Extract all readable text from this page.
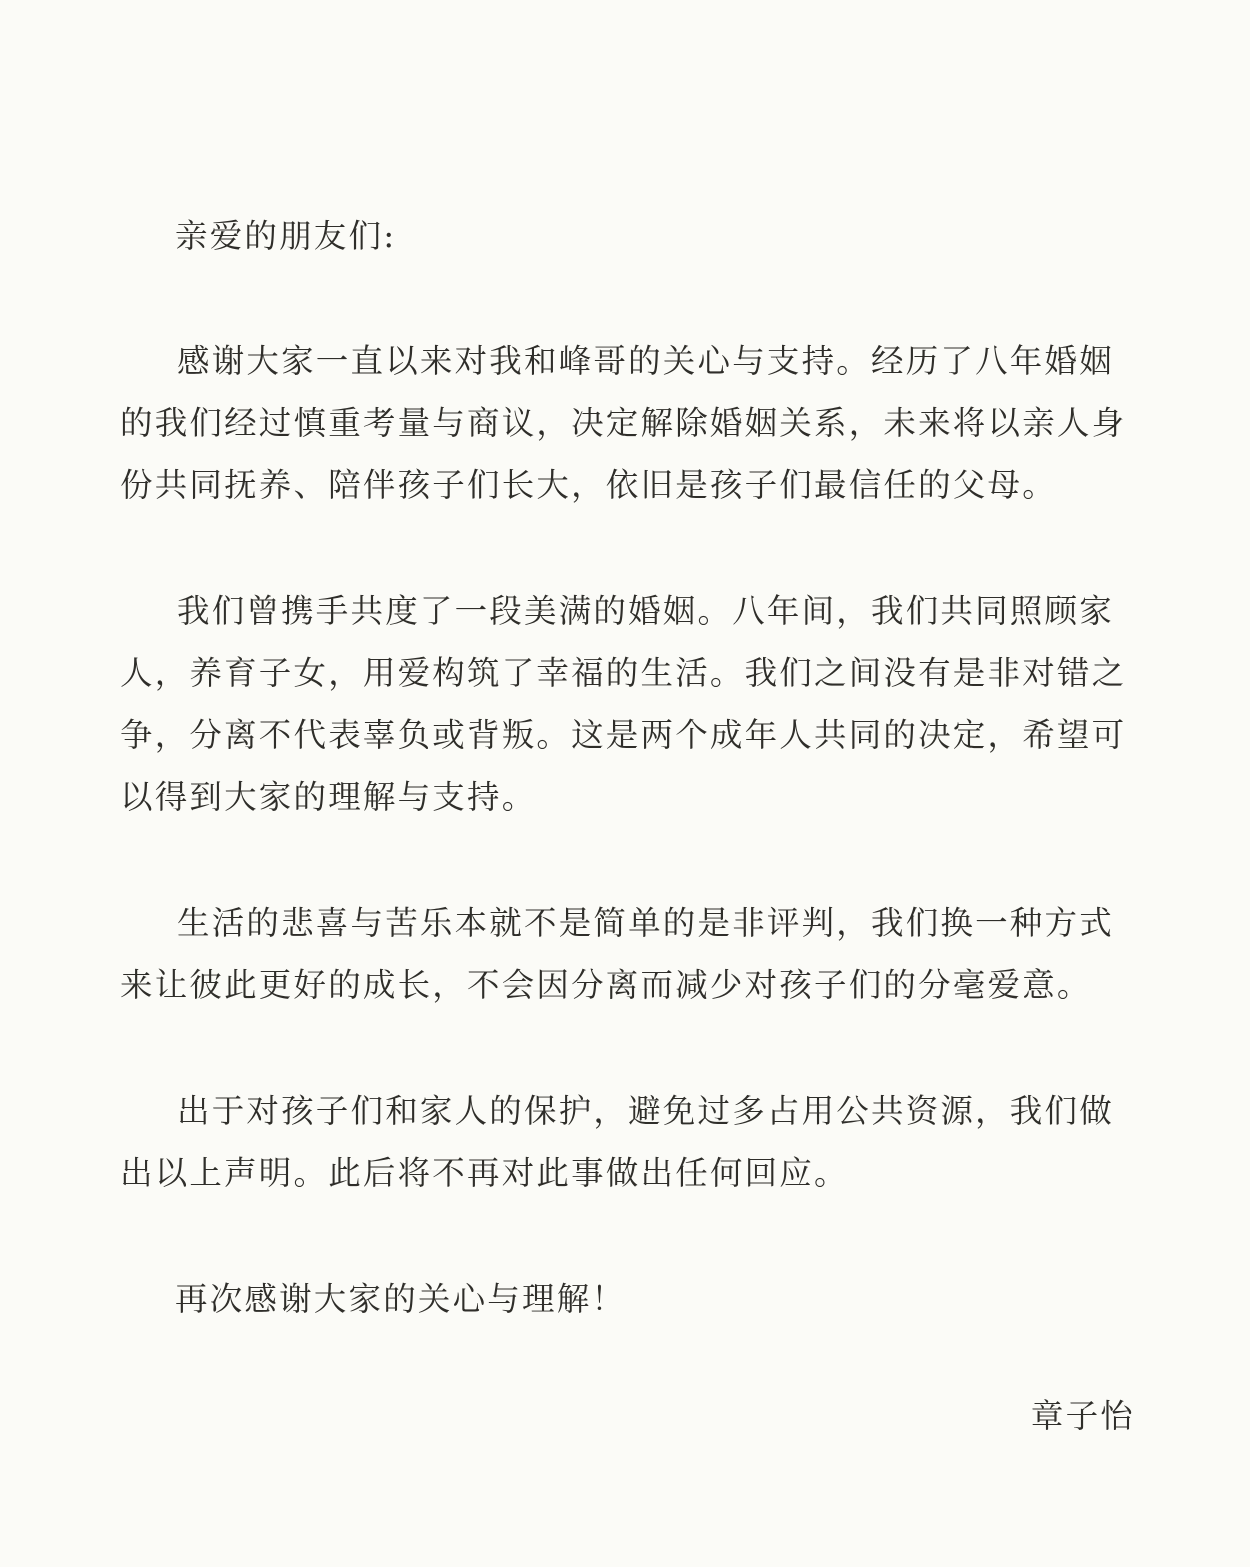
亲爱的朋友们:

感谢大家一直以来对我和峰哥的关心与支持。经历了八年婚姻
的我们经过慎重考量与商议，决定解除婚姻关系，未来将以亲人身
份共同抚养、陪伴孩子们长大，依旧是孩子们最信任的父母。
我们曾携手共度了一段美满的婚姻。八年间，我们共同照顾家
人，养育子女，用爱构筑了幸福的生活。我们之间没有是非对错之
争，分离不代表辜负或背叛。这是两个成年人共同的决定，希望可
以得到大家的理解与支持。
生活的悲喜与苦乐本就不是简单的是非评判，我们换一种方式
来让彼此更好的成长，不会因分离而减少对孩子们的分毫爱意。
出于对孩子们和家人的保护，避免过多占用公共资源，我们做
出以上声明。此后将不再对此事做出任何回应。

再次感谢大家的关心与理解！

章子怡
